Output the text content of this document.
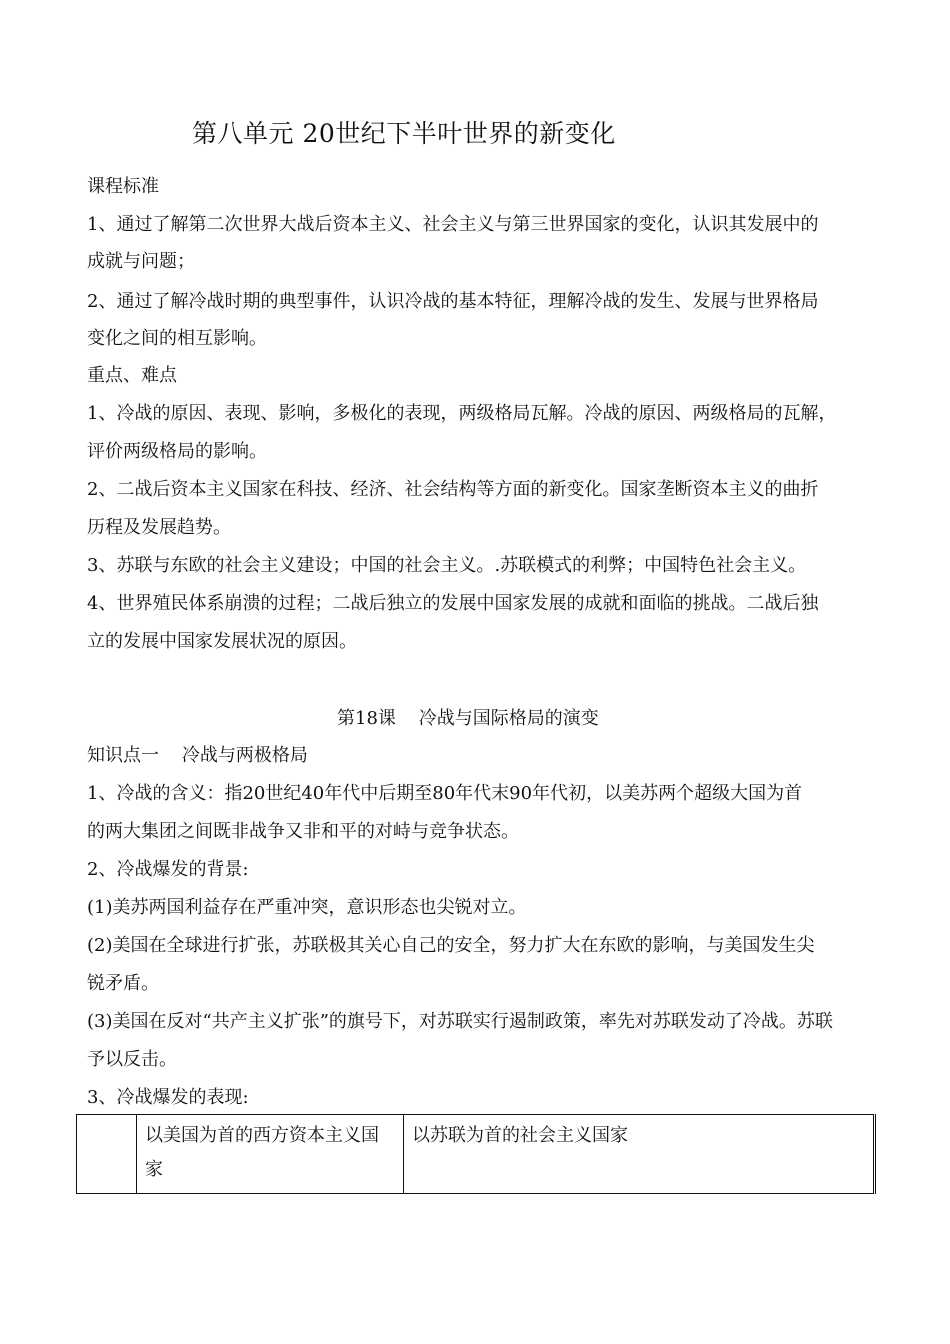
第八单元 20世纪下半叶世界的新变化
课程标准
1、通过了解第二次世界大战后资本主义、社会主义与第三世界国家的变化，认识其发展中的
成就与问题；
2、通过了解冷战时期的典型事件，认识冷战的基本特征，理解冷战的发生、发展与世界格局
变化之间的相互影响。
重点、难点
1、冷战的原因、表现、影响，多极化的表现，两级格局瓦解。冷战的原因、两级格局的瓦解，
评价两级格局的影响。
2、二战后资本主义国家在科技、经济、社会结构等方面的新变化。国家垄断资本主义的曲折
历程及发展趋势。
3、苏联与东欧的社会主义建设；中国的社会主义。.苏联模式的利弊；中国特色社会主义。
4、世界殖民体系崩溃的过程；二战后独立的发展中国家发展的成就和面临的挑战。二战后独
立的发展中国家发展状况的原因。
第18课    冷战与国际格局的演变
知识点一    冷战与两极格局
1、冷战的含义：指20世纪40年代中后期至80年代末90年代初，以美苏两个超级大国为首
的两大集团之间既非战争又非和平的对峙与竞争状态。
2、冷战爆发的背景:
(1)美苏两国利益存在严重冲突，意识形态也尖锐对立。
(2)美国在全球进行扩张，苏联极其关心自己的安全，努力扩大在东欧的影响，与美国发生尖
锐矛盾。
(3)美国在反对“共产主义扩张”的旗号下，对苏联实行遏制政策，率先对苏联发动了冷战。苏联
予以反击。
3、冷战爆发的表现:
	以美国为首的西方资本主义国家	以苏联为首的社会主义国家
